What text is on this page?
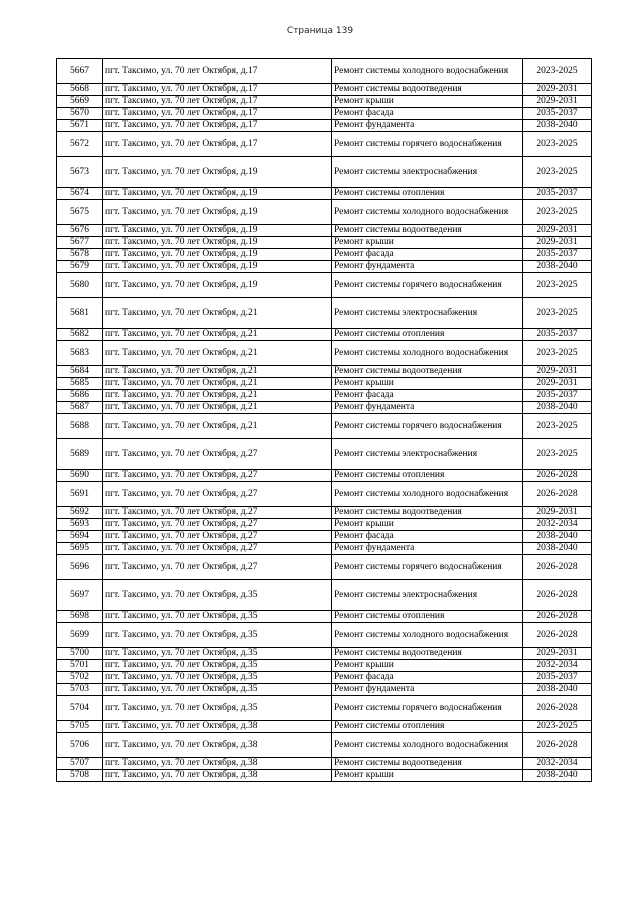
Страница 139
5667	пгт. Таксимо, ул. 70 лет Октября, д.17	Ремонт системы холодного водоснабжения	2023-2025
5668	пгт. Таксимо, ул. 70 лет Октября, д.17	Ремонт системы водоотведения	2029-2031
5669	пгт. Таксимо, ул. 70 лет Октября, д.17	Ремонт крыши	2029-2031
5670	пгт. Таксимо, ул. 70 лет Октября, д.17	Ремонт фасада	2035-2037
5671	пгт. Таксимо, ул. 70 лет Октября, д.17	Ремонт фундамента	2038-2040
5672	пгт. Таксимо, ул. 70 лет Октября, д.17	Ремонт системы горячего водоснабжения	2023-2025
5673	пгт. Таксимо, ул. 70 лет Октября, д.19	Ремонт системы электроснабжения	2023-2025
5674	пгт. Таксимо, ул. 70 лет Октября, д.19	Ремонт системы отопления	2035-2037
5675	пгт. Таксимо, ул. 70 лет Октября, д.19	Ремонт системы холодного водоснабжения	2023-2025
5676	пгт. Таксимо, ул. 70 лет Октября, д.19	Ремонт системы водоотведения	2029-2031
5677	пгт. Таксимо, ул. 70 лет Октября, д.19	Ремонт крыши	2029-2031
5678	пгт. Таксимо, ул. 70 лет Октября, д.19	Ремонт фасада	2035-2037
5679	пгт. Таксимо, ул. 70 лет Октября, д.19	Ремонт фундамента	2038-2040
5680	пгт. Таксимо, ул. 70 лет Октября, д.19	Ремонт системы горячего водоснабжения	2023-2025
5681	пгт. Таксимо, ул. 70 лет Октября, д.21	Ремонт системы электроснабжения	2023-2025
5682	пгт. Таксимо, ул. 70 лет Октября, д.21	Ремонт системы отопления	2035-2037
5683	пгт. Таксимо, ул. 70 лет Октября, д.21	Ремонт системы холодного водоснабжения	2023-2025
5684	пгт. Таксимо, ул. 70 лет Октября, д.21	Ремонт системы водоотведения	2029-2031
5685	пгт. Таксимо, ул. 70 лет Октября, д.21	Ремонт крыши	2029-2031
5686	пгт. Таксимо, ул. 70 лет Октября, д.21	Ремонт фасада	2035-2037
5687	пгт. Таксимо, ул. 70 лет Октября, д.21	Ремонт фундамента	2038-2040
5688	пгт. Таксимо, ул. 70 лет Октября, д.21	Ремонт системы горячего водоснабжения	2023-2025
5689	пгт. Таксимо, ул. 70 лет Октября, д.27	Ремонт системы электроснабжения	2023-2025
5690	пгт. Таксимо, ул. 70 лет Октября, д.27	Ремонт системы отопления	2026-2028
5691	пгт. Таксимо, ул. 70 лет Октября, д.27	Ремонт системы холодного водоснабжения	2026-2028
5692	пгт. Таксимо, ул. 70 лет Октября, д.27	Ремонт системы водоотведения	2029-2031
5693	пгт. Таксимо, ул. 70 лет Октября, д.27	Ремонт крыши	2032-2034
5694	пгт. Таксимо, ул. 70 лет Октября, д.27	Ремонт фасада	2038-2040
5695	пгт. Таксимо, ул. 70 лет Октября, д.27	Ремонт фундамента	2038-2040
5696	пгт. Таксимо, ул. 70 лет Октября, д.27	Ремонт системы горячего водоснабжения	2026-2028
5697	пгт. Таксимо, ул. 70 лет Октября, д.35	Ремонт системы электроснабжения	2026-2028
5698	пгт. Таксимо, ул. 70 лет Октября, д.35	Ремонт системы отопления	2026-2028
5699	пгт. Таксимо, ул. 70 лет Октября, д.35	Ремонт системы холодного водоснабжения	2026-2028
5700	пгт. Таксимо, ул. 70 лет Октября, д.35	Ремонт системы водоотведения	2029-2031
5701	пгт. Таксимо, ул. 70 лет Октября, д.35	Ремонт крыши	2032-2034
5702	пгт. Таксимо, ул. 70 лет Октября, д.35	Ремонт фасада	2035-2037
5703	пгт. Таксимо, ул. 70 лет Октября, д.35	Ремонт фундамента	2038-2040
5704	пгт. Таксимо, ул. 70 лет Октября, д.35	Ремонт системы горячего водоснабжения	2026-2028
5705	пгт. Таксимо, ул. 70 лет Октября, д.38	Ремонт системы отопления	2023-2025
5706	пгт. Таксимо, ул. 70 лет Октября, д.38	Ремонт системы холодного водоснабжения	2026-2028
5707	пгт. Таксимо, ул. 70 лет Октября, д.38	Ремонт системы водоотведения	2032-2034
5708	пгт. Таксимо, ул. 70 лет Октября, д.38	Ремонт крыши	2038-2040
